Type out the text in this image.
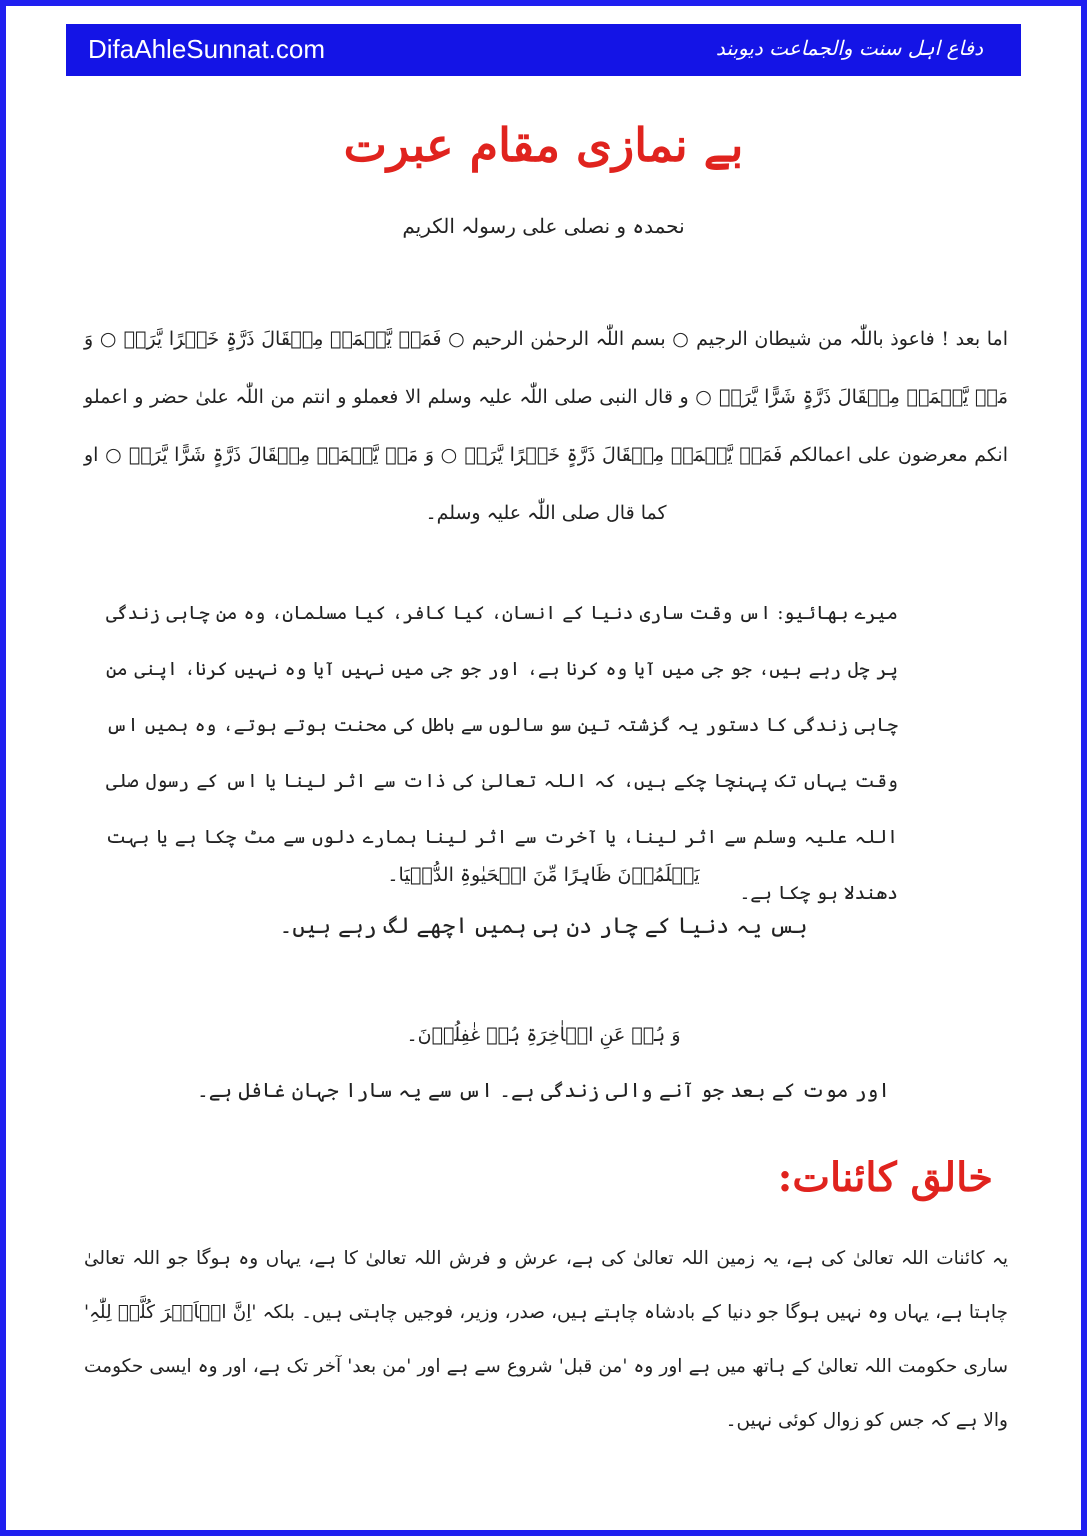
DifaAhleSunnat.com	دفاع اہل سنت والجماعت دیوبند
بے نمازی مقام عبرت
نحمدہ و نصلی علی رسولہ الکریم
اما بعد ! فاعوذ باللّٰہ من شیطان الرجیم ○ بسم اللّٰہ الرحمٰن الرحیم ○ فَمَنۡ یَّعۡمَلۡ مِثۡقَالَ ذَرَّۃٍ خَیۡرًا یَّرَہٗ ○ وَ مَنۡ یَّعۡمَلۡ مِثۡقَالَ ذَرَّۃٍ شَرًّا یَّرَہٗ ○ و قال النبی صلی اللّٰہ علیہ وسلم الا فعملو و انتم من اللّٰہ علیٰ حضر و اعملو انکم معرضون علی اعمالکم فَمَنۡ یَّعۡمَلۡ مِثۡقَالَ ذَرَّۃٍ خَیۡرًا یَّرَہٗ ○ وَ مَنۡ یَّعۡمَلۡ مِثۡقَالَ ذَرَّۃٍ شَرًّا یَّرَہٗ ○ او کما قال صلی اللّٰہ علیہ وسلم۔
میرے بھائیو: اس وقت ساری دنیا کے انسان، کیا کافر، کیا مسلمان، وہ من چاہی زندگی پر چل رہے ہیں، جو جی میں آیا وہ کرنا ہے، اور جو جی میں نہیں آیا وہ نہیں کرنا، اپنی من چاہی زندگی کا دستور یہ گزشتہ تین سو سالوں سے باطل کی محنت ہوتے ہوتے، وہ ہمیں اس وقت یہاں تک پہنچا چکے ہیں، کہ اللہ تعالیٰ کی ذات سے اثر لینا یا اس کے رسول صلی اللہ علیہ وسلم سے اثر لینا، یا آخرت سے اثر لینا ہمارے دلوں سے مٹ چکا ہے یا بہت دھندلا ہو چکا ہے۔
یَعۡلَمُوۡنَ ظَاہِرًا مِّنَ الۡحَیٰوۃِ الدُّنۡیَا۔
بس یہ دنیا کے چار دن ہی ہمیں اچھے لگ رہے ہیں۔
وَ ہُمۡ عَنِ الۡاٰخِرَۃِ ہُمۡ غٰفِلُوۡنَ۔
اور موت کے بعد جو آنے والی زندگی ہے۔ اس سے یہ سارا جہان غافل ہے۔
خالق کائنات:
یہ کائنات اللہ تعالیٰ کی ہے، یہ زمین اللہ تعالیٰ کی ہے، عرش و فرش اللہ تعالیٰ کا ہے، یہاں وہ ہوگا جو اللہ تعالیٰ چاہتا ہے، یہاں وہ نہیں ہوگا جو دنیا کے بادشاہ چاہتے ہیں، صدر، وزیر، فوجیں چاہتی ہیں۔ بلکہ 'اِنَّ الۡاَمۡرَ کُلَّہٗ لِلّٰہِ' ساری حکومت اللہ تعالیٰ کے ہاتھ میں ہے اور وہ 'من قبل' شروع سے ہے اور 'من بعد' آخر تک ہے، اور وہ ایسی حکومت والا ہے کہ جس کو زوال کوئی نہیں۔
